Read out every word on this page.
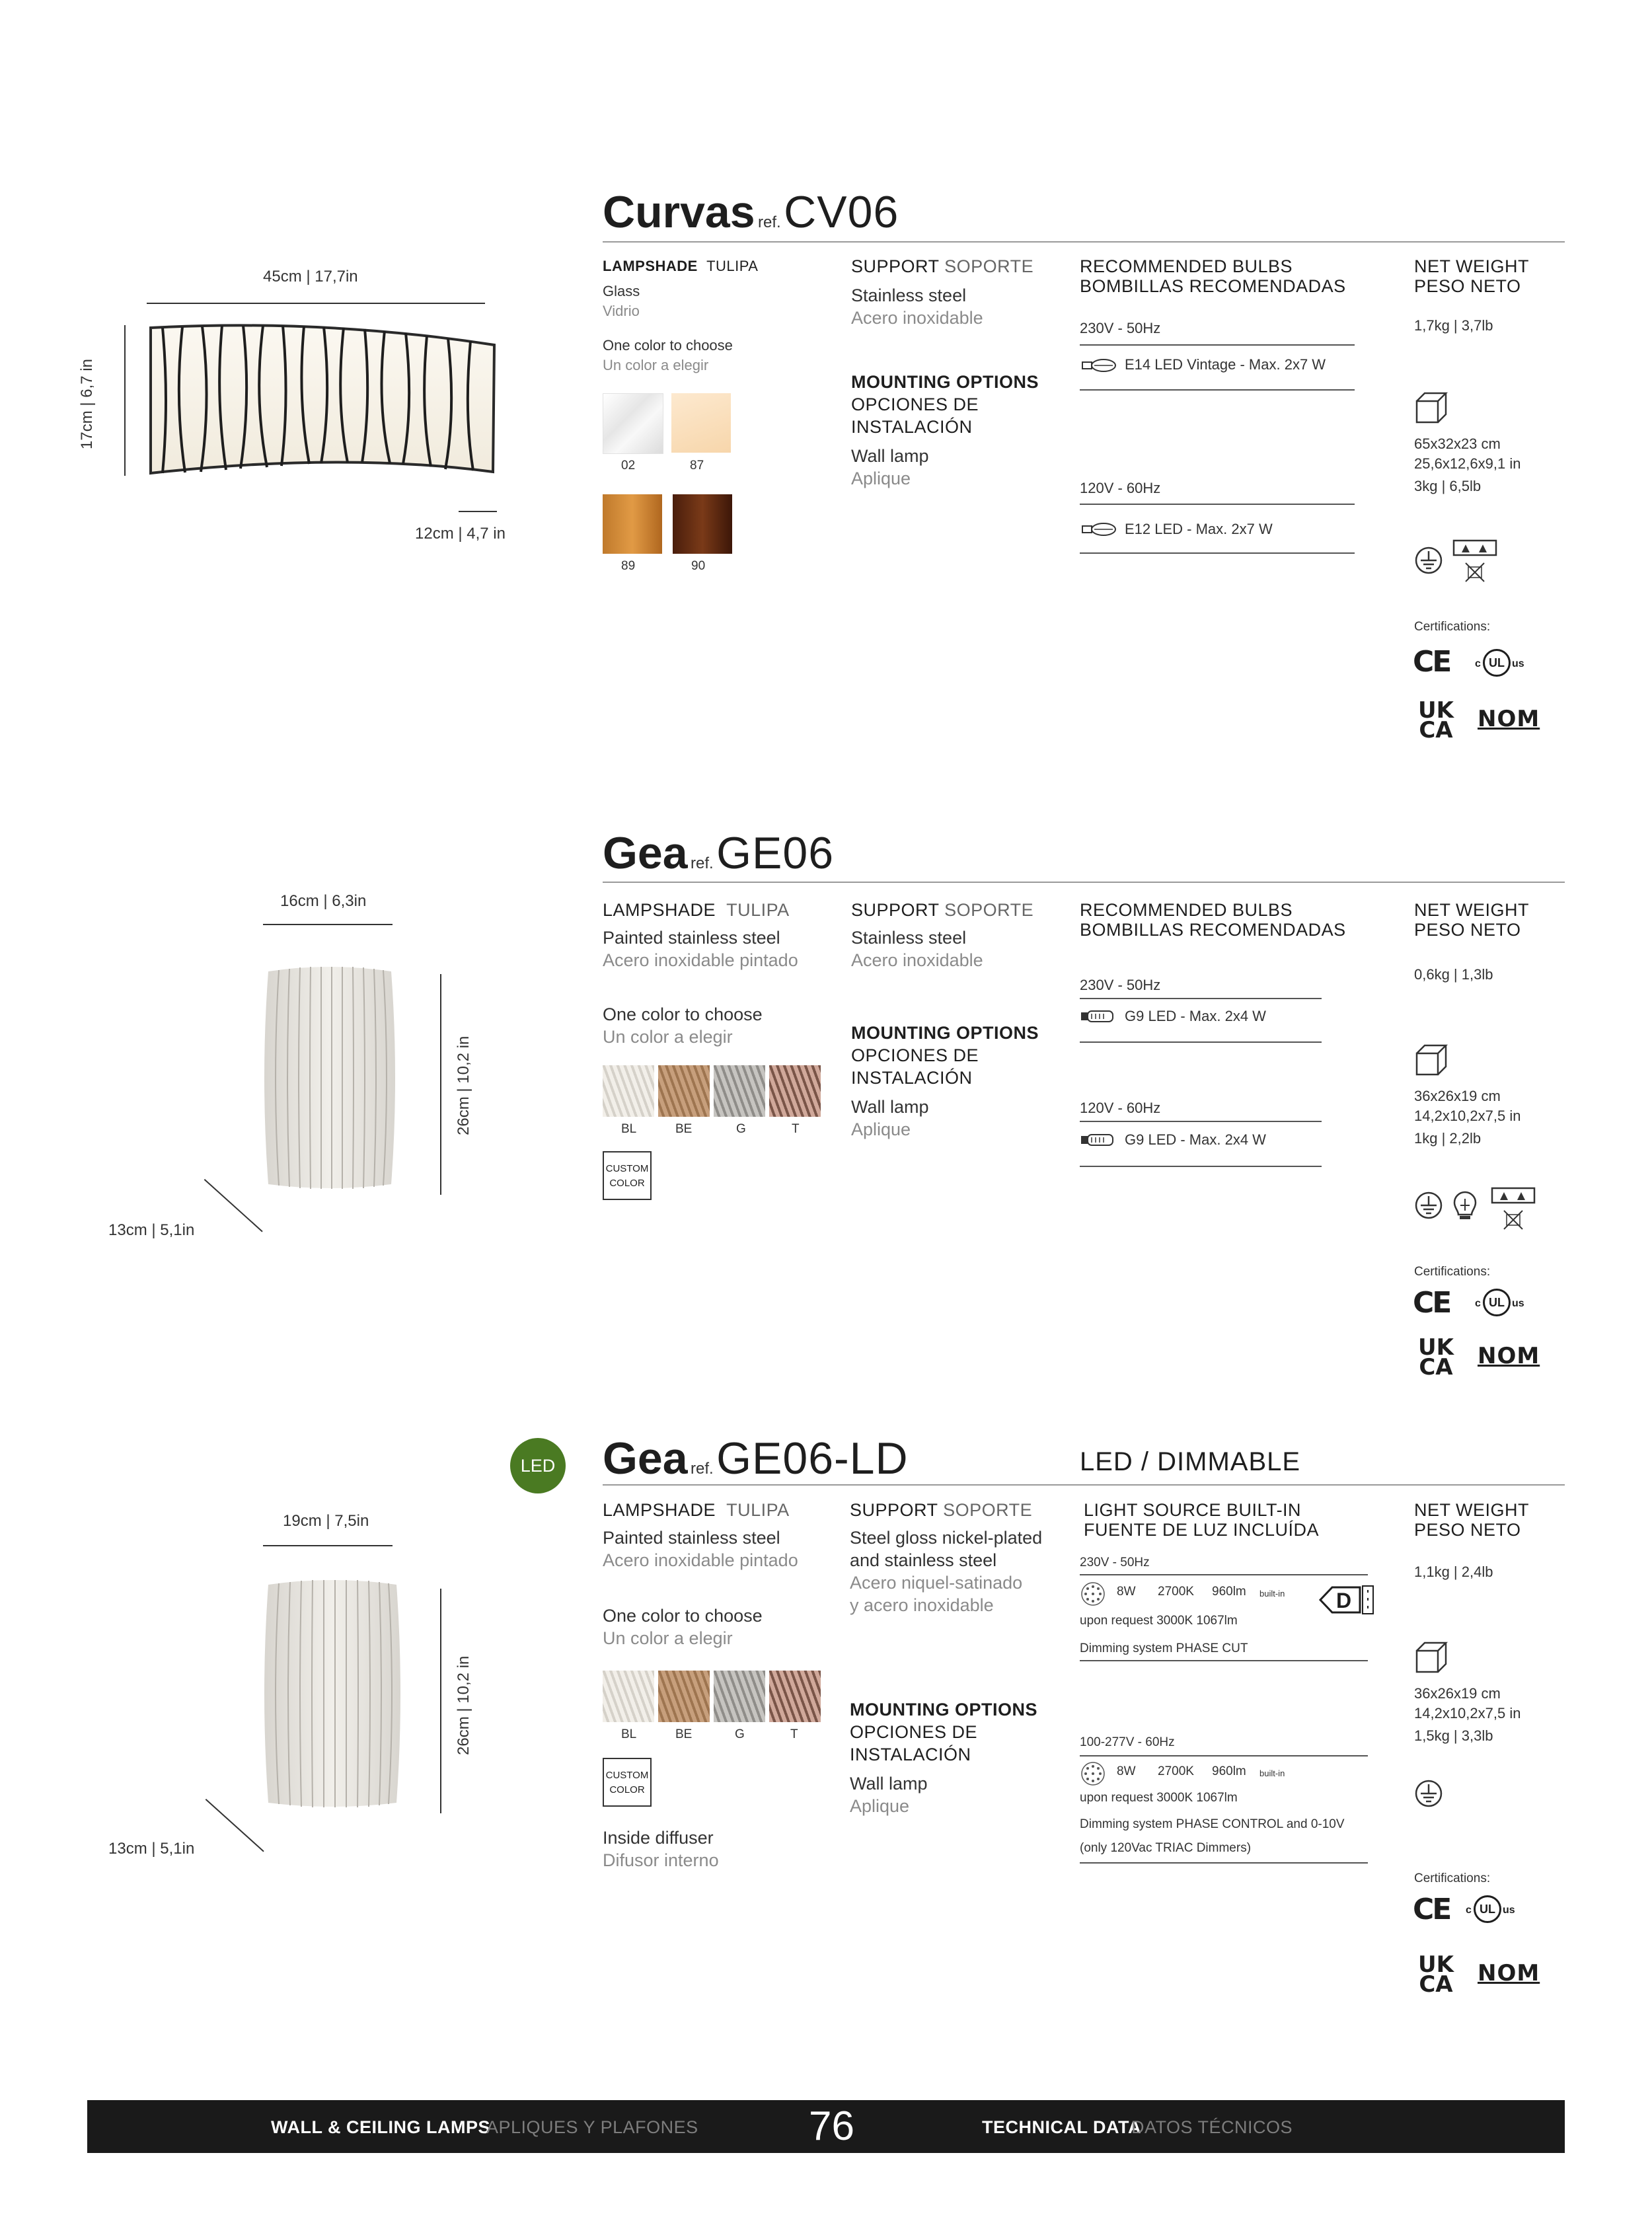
Curvas ref. CV06
45cm | 17,7in
17cm | 6,7 in
12cm | 4,7 in
LAMPSHADE TULIPA
Glass
Vidrio
One color to choose
Un color a elegir
02	87
89	90
SUPPORT SOPORTE
Stainless steel
Acero inoxidable
MOUNTING OPTIONS
OPCIONES DE
INSTALACIÓN
Wall lamp
Aplique
RECOMMENDED BULBS
BOMBILLAS RECOMENDADAS
230V - 50Hz
E14 LED Vintage - Max. 2x7 W
120V - 60Hz
E12 LED - Max. 2x7 W
NET WEIGHT
PESO NETO
1,7kg | 3,7lb
65x32x23 cm
25,6x12,6x9,1 in
3kg | 6,5lb
Certifications:
CE c UL us
UK
CA NOM
Gea ref. GE06
16cm | 6,3in
26cm | 10,2 in
13cm | 5,1in
LAMPSHADE TULIPA
Painted stainless steel
Acero inoxidable pintado
One color to choose
Un color a elegir
BL	BE	G	T
CUSTOM
COLOR
SUPPORT SOPORTE
Stainless steel
Acero inoxidable
MOUNTING OPTIONS
OPCIONES DE
INSTALACIÓN
Wall lamp
Aplique
RECOMMENDED BULBS
BOMBILLAS RECOMENDADAS
230V - 50Hz
G9 LED - Max. 2x4 W
120V - 60Hz
G9 LED - Max. 2x4 W
NET WEIGHT
PESO NETO
0,6kg | 1,3lb
36x26x19 cm
14,2x10,2x7,5 in
1kg | 2,2lb
Certifications:
CE c UL us
UK
CA NOM
LED Gea ref. GE06-LD	LED / DIMMABLE
19cm | 7,5in
26cm | 10,2 in
13cm | 5,1in
LAMPSHADE TULIPA
Painted stainless steel
Acero inoxidable pintado
One color to choose
Un color a elegir
BL	BE	G	T
CUSTOM
COLOR
Inside diffuser
Difusor interno
SUPPORT SOPORTE
Steel gloss nickel-plated
and stainless steel
Acero niquel-satinado
y acero inoxidable
MOUNTING OPTIONS
OPCIONES DE
INSTALACIÓN
Wall lamp
Aplique
LIGHT SOURCE BUILT-IN
FUENTE DE LUZ INCLUÍDA
230V - 50Hz
8W 2700K 960lm built-in D
upon request 3000K 1067lm
Dimming system PHASE CUT
100-277V - 60Hz
8W 2700K 960lm built-in
upon request 3000K 1067lm
Dimming system PHASE CONTROL and 0-10V
(only 120Vac TRIAC Dimmers)
NET WEIGHT
PESO NETO
1,1kg | 2,4lb
36x26x19 cm
14,2x10,2x7,5 in
1,5kg | 3,3lb
Certifications:
CE c UL us
UK
CA NOM
WALL & CEILING LAMPS
APLIQUES Y PLAFONES	76	TECHNICAL DATA
DATOS TÉCNICOS
